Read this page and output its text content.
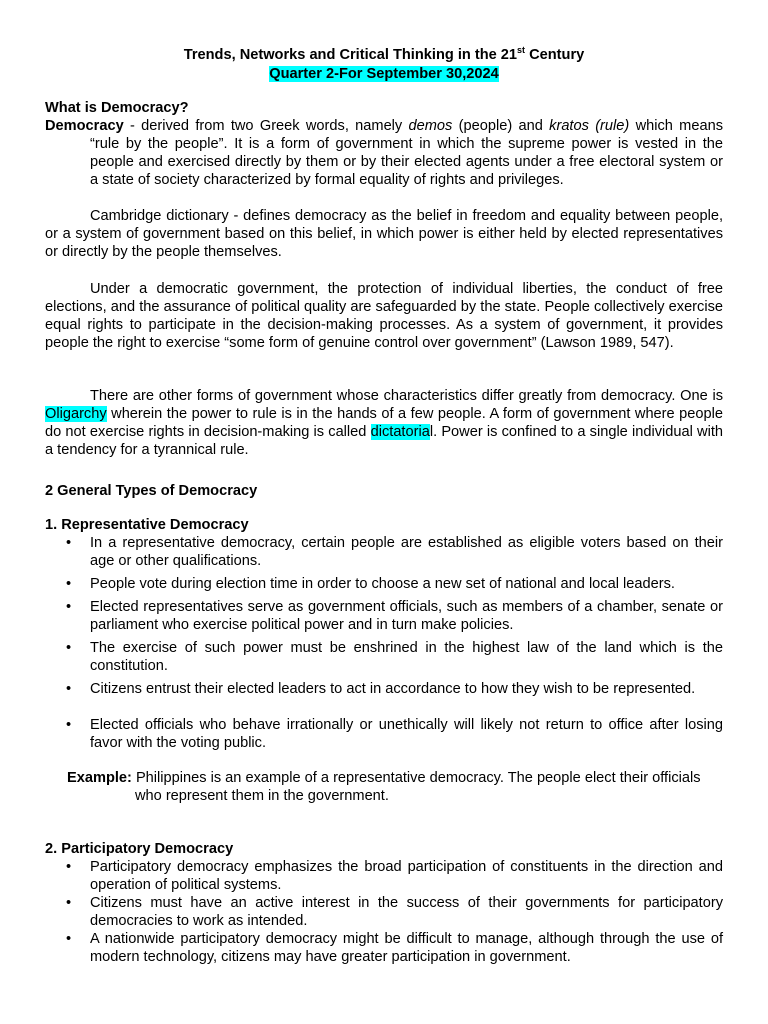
Trends, Networks and Critical Thinking in the 21st Century
Quarter 2-For September 30,2024

What is Democracy?

Democracy - derived from two Greek words, namely demos (people) and kratos (rule) which means “rule by the people”. It is a form of government in which the supreme power is vested in the people and exercised directly by them or by their elected agents under a free electoral system or a state of society characterized by formal equality of rights and privileges.

Cambridge dictionary - defines democracy as the belief in freedom and equality between people, or a system of government based on this belief, in which power is either held by elected representatives or directly by the people themselves.
Under a democratic government, the protection of individual liberties, the conduct of free elections, and the assurance of political quality are safeguarded by the state. People collectively exercise equal rights to participate in the decision-making processes. As a system of government, it provides people the right to exercise “some form of genuine control over government” (Lawson 1989, 547).
There are other forms of government whose characteristics differ greatly from democracy. One is Oligarchy wherein the power to rule is in the hands of a few people. A form of government where people do not exercise rights in decision-making is called dictatorial. Power is confined to a single individual with a tendency for a tyrannical rule.
2 General Types of Democracy

1. Representative Democracy

• In a representative democracy, certain people are established as eligible voters based on their age or other qualifications.
• People vote during election time in order to choose a new set of national and local leaders.
• Elected representatives serve as government officials, such as members of a chamber, senate or parliament who exercise political power and in turn make policies.
• The exercise of such power must be enshrined in the highest law of the land which is the constitution.
• Citizens entrust their elected leaders to act in accordance to how they wish to be represented.
• Elected officials who behave irrationally or unethically will likely not return to office after losing favor with the voting public.

Example: Philippines is an example of a representative democracy. The people elect their officials

who represent them in the government.

2. Participatory Democracy

• Participatory democracy emphasizes the broad participation of constituents in the direction and operation of political systems.
• Citizens must have an active interest in the success of their governments for participatory democracies to work as intended.
• A nationwide participatory democracy might be difficult to manage, although through the use of modern technology, citizens may have greater participation in government.
